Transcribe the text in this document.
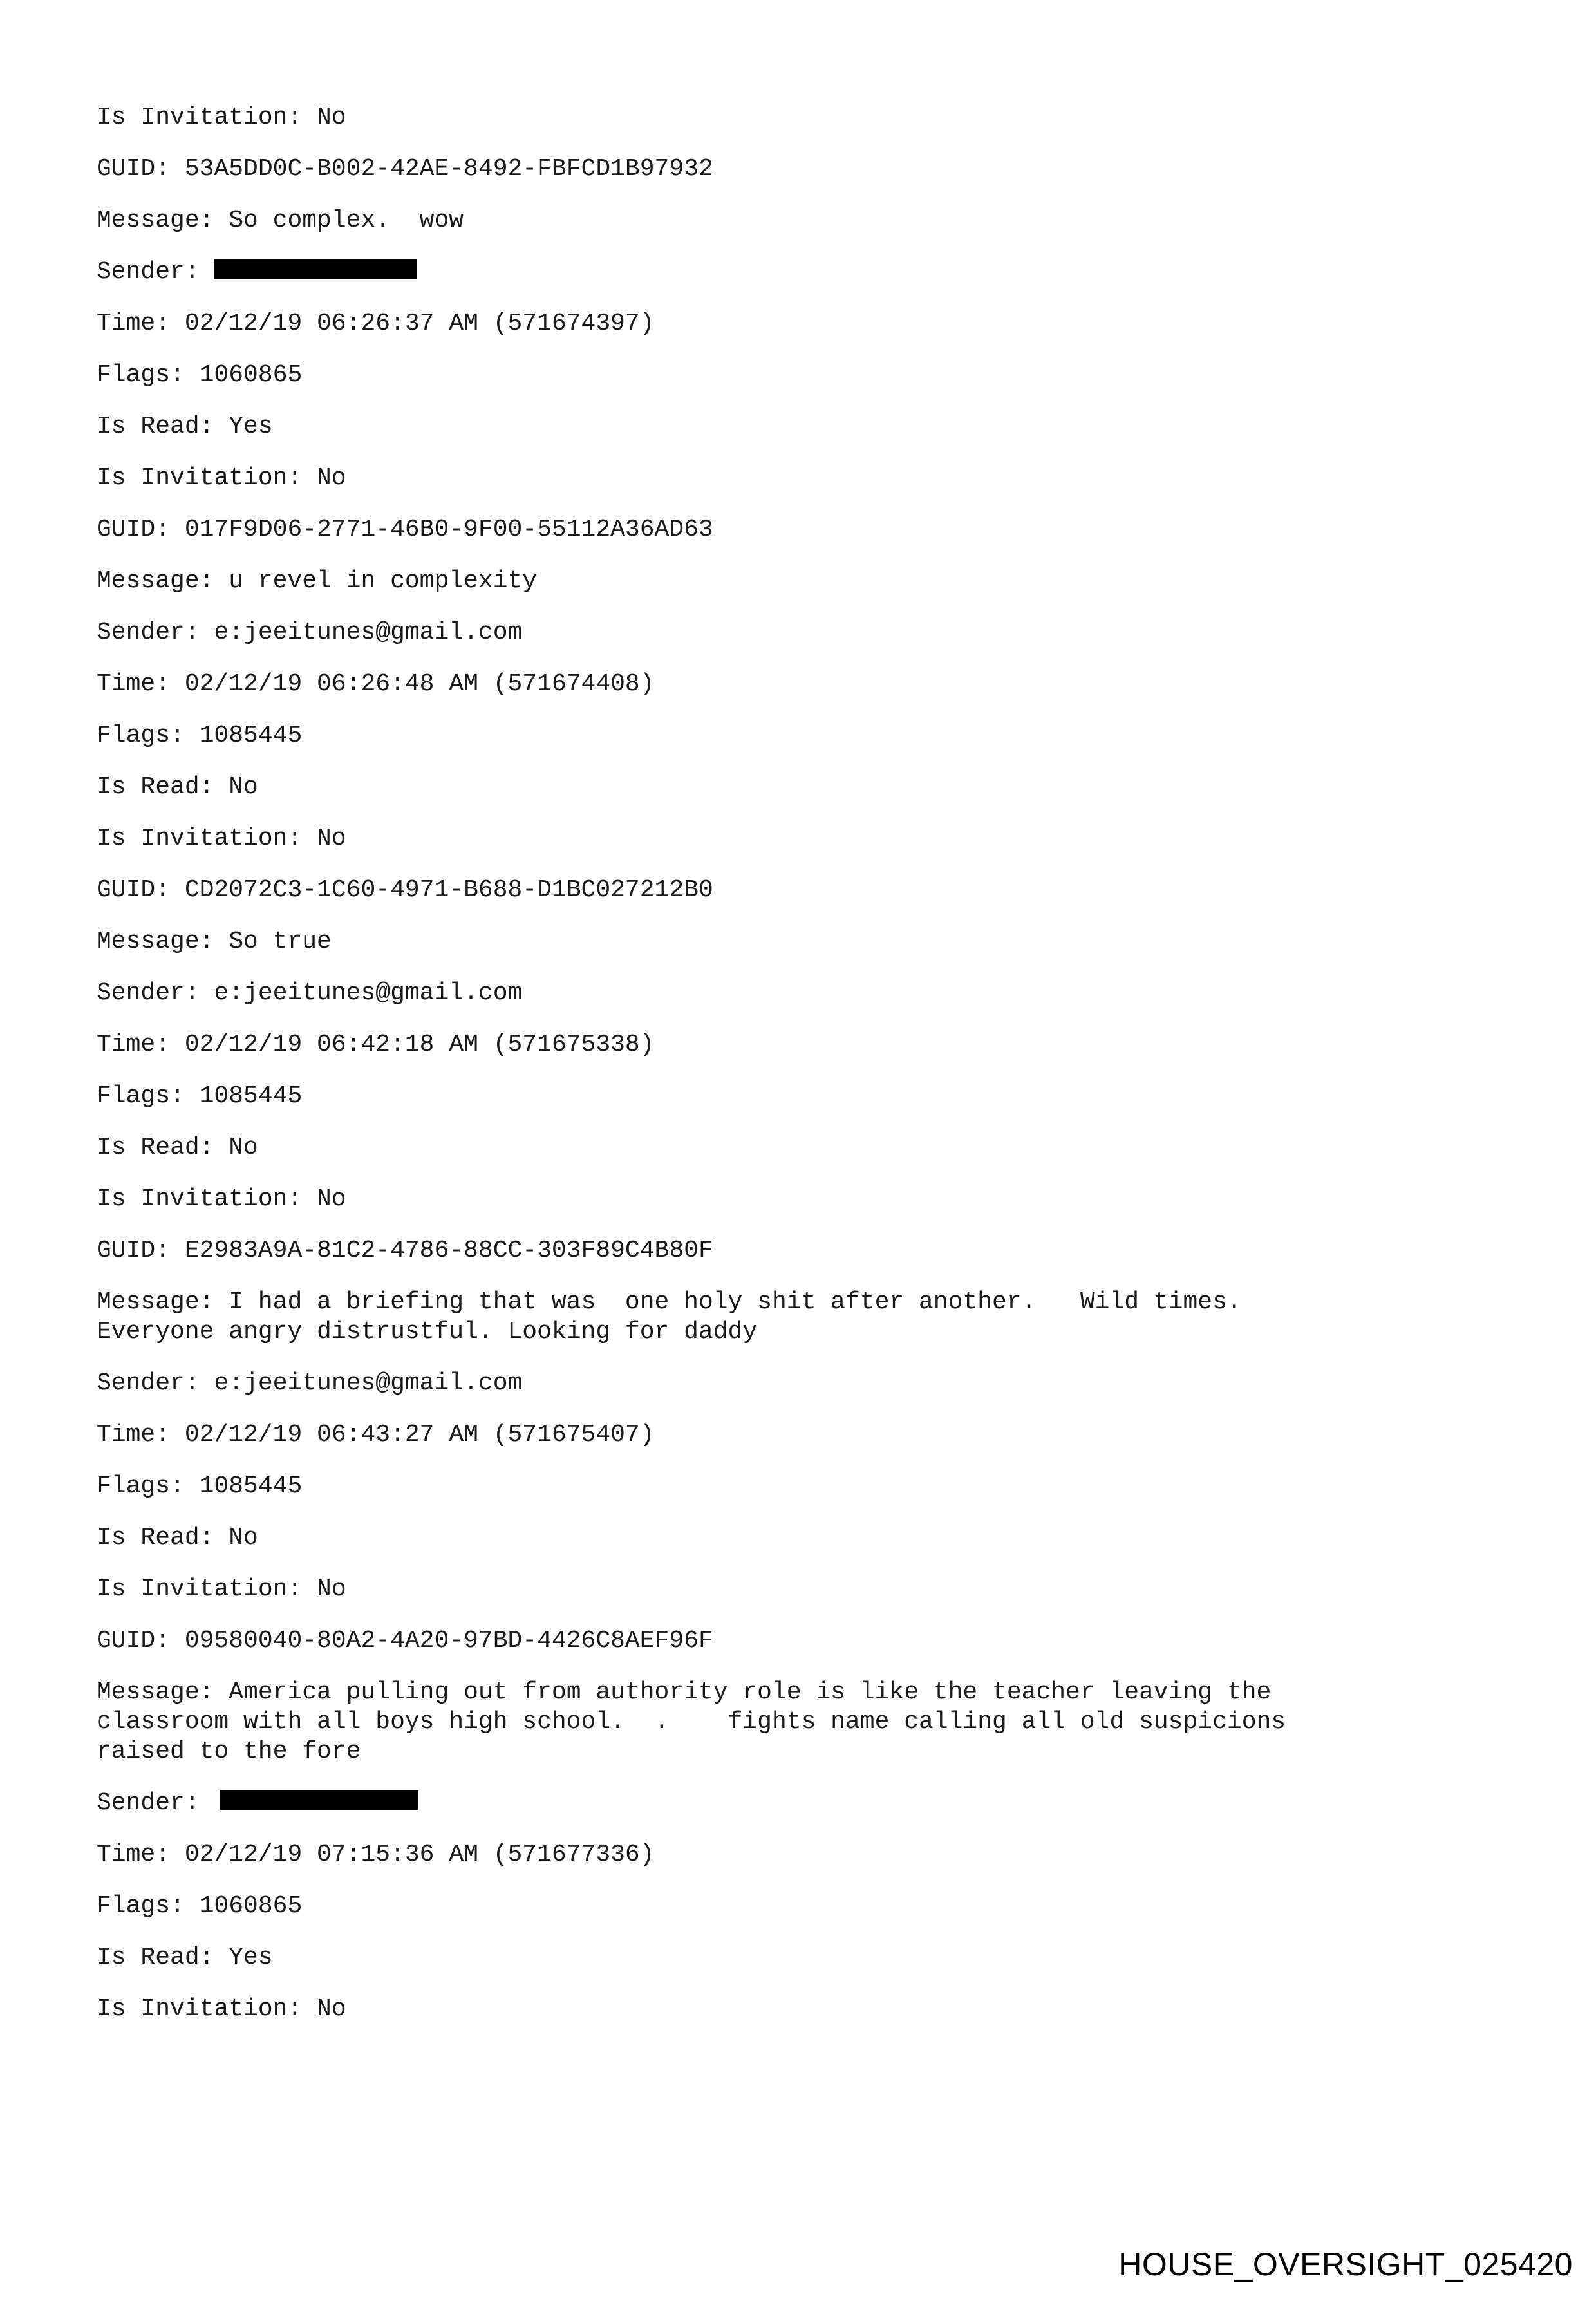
Is Invitation: No
GUID: 53A5DD0C-B002-42AE-8492-FBFCD1B97932
Message: So complex.  wow
Sender:
Time: 02/12/19 06:26:37 AM (571674397)
Flags: 1060865
Is Read: Yes
Is Invitation: No
GUID: 017F9D06-2771-46B0-9F00-55112A36AD63
Message: u revel in complexity
Sender: e:jeeitunes@gmail.com
Time: 02/12/19 06:26:48 AM (571674408)
Flags: 1085445
Is Read: No
Is Invitation: No
GUID: CD2072C3-1C60-4971-B688-D1BC027212B0
Message: So true
Sender: e:jeeitunes@gmail.com
Time: 02/12/19 06:42:18 AM (571675338)
Flags: 1085445
Is Read: No
Is Invitation: No
GUID: E2983A9A-81C2-4786-88CC-303F89C4B80F
Message: I had a briefing that was  one holy shit after another.   Wild times.
Everyone angry distrustful. Looking for daddy
Sender: e:jeeitunes@gmail.com
Time: 02/12/19 06:43:27 AM (571675407)
Flags: 1085445
Is Read: No
Is Invitation: No
GUID: 09580040-80A2-4A20-97BD-4426C8AEF96F
Message: America pulling out from authority role is like the teacher leaving the
classroom with all boys high school.  .    fights name calling all old suspicions
raised to the fore
Sender:
Time: 02/12/19 07:15:36 AM (571677336)
Flags: 1060865
Is Read: Yes
Is Invitation: No
HOUSE_OVERSIGHT_025420
